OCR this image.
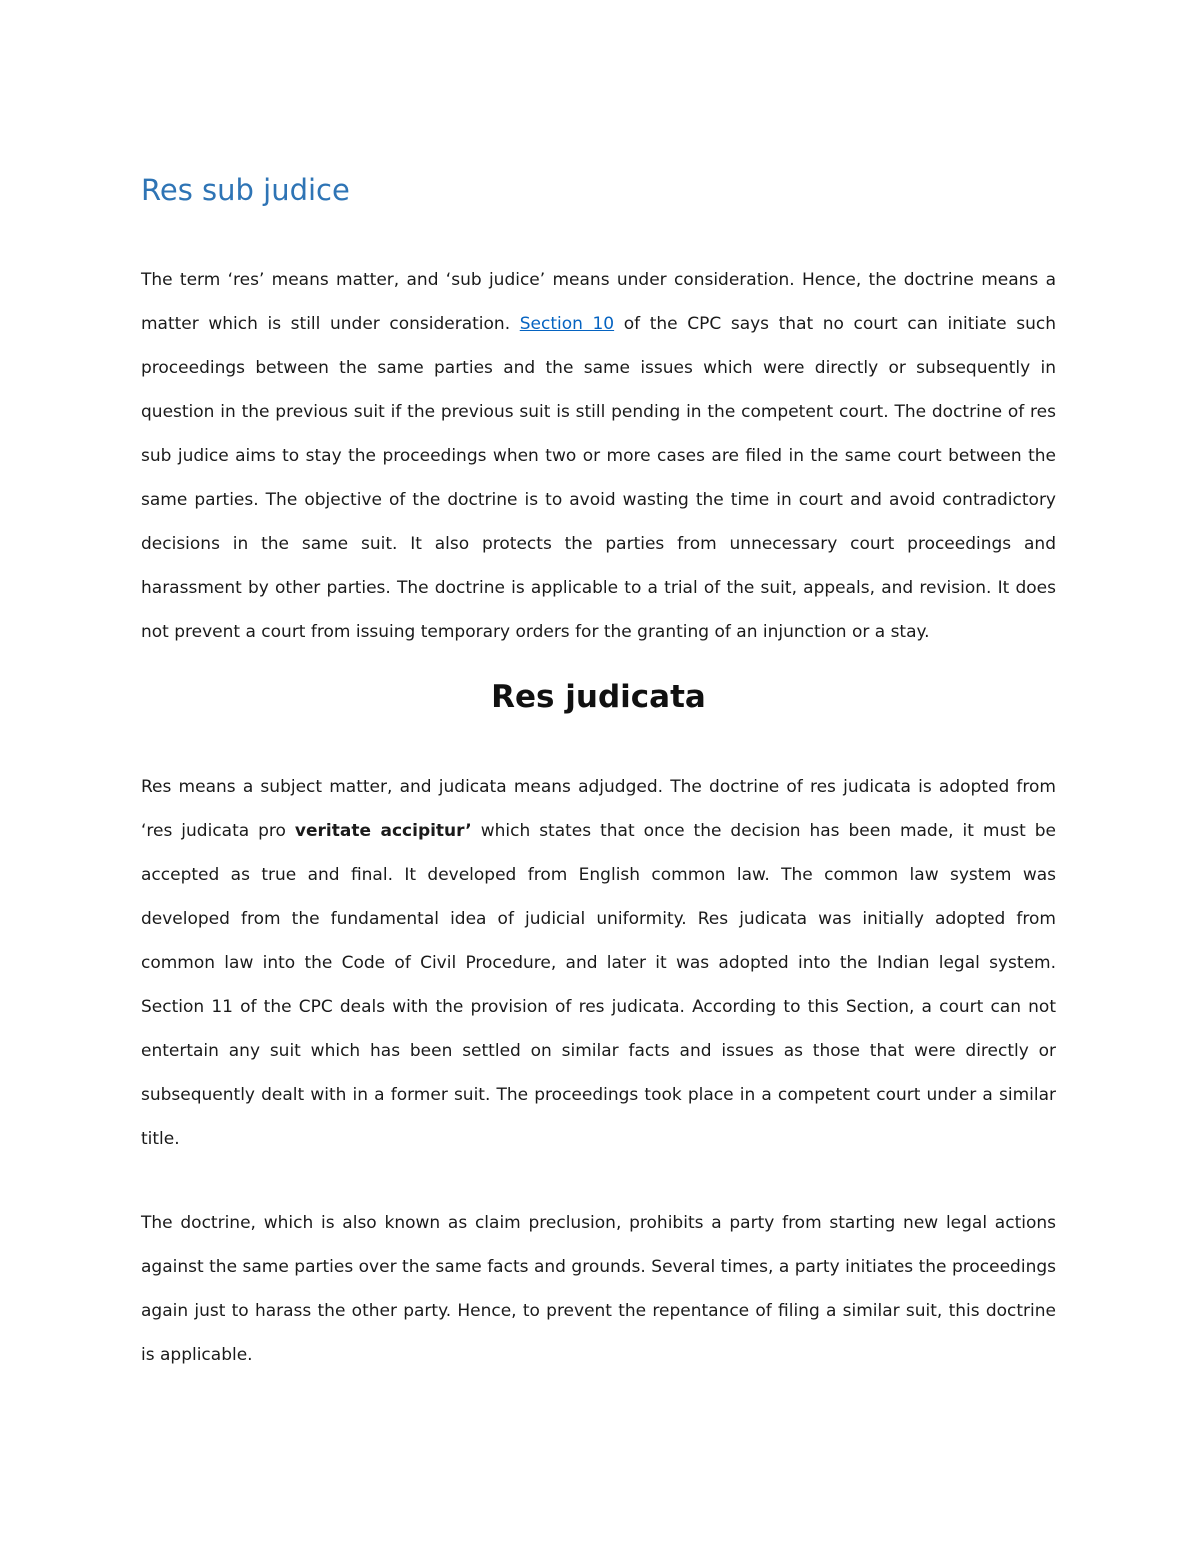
Res sub judice

The term ‘res’ means matter, and ‘sub judice’ means under consideration. Hence, the doctrine means a matter which is still under consideration. Section 10 of the CPC says that no court can initiate such proceedings between the same parties and the same issues which were directly or subsequently in question in the previous suit if the previous suit is still pending in the competent court. The doctrine of res sub judice aims to stay the proceedings when two or more cases are filed in the same court between the same parties. The objective of the doctrine is to avoid wasting the time in court and avoid contradictory decisions in the same suit. It also protects the parties from unnecessary court proceedings and harassment by other parties. The doctrine is applicable to a trial of the suit, appeals, and revision. It does not prevent a court from issuing temporary orders for the granting of an injunction or a stay.

Res judicata

Res means a subject matter, and judicata means adjudged. The doctrine of res judicata is adopted from ‘res judicata pro veritate accipitur’ which states that once the decision has been made, it must be accepted as true and final. It developed from English common law. The common law system was developed from the fundamental idea of judicial uniformity. Res judicata was initially adopted from common law into the Code of Civil Procedure, and later it was adopted into the Indian legal system. Section 11 of the CPC deals with the provision of res judicata. According to this Section, a court can not entertain any suit which has been settled on similar facts and issues as those that were directly or subsequently dealt with in a former suit. The proceedings took place in a competent court under a similar title.

The doctrine, which is also known as claim preclusion, prohibits a party from starting new legal actions against the same parties over the same facts and grounds. Several times, a party initiates the proceedings again just to harass the other party. Hence, to prevent the repentance of filing a similar suit, this doctrine is applicable.
